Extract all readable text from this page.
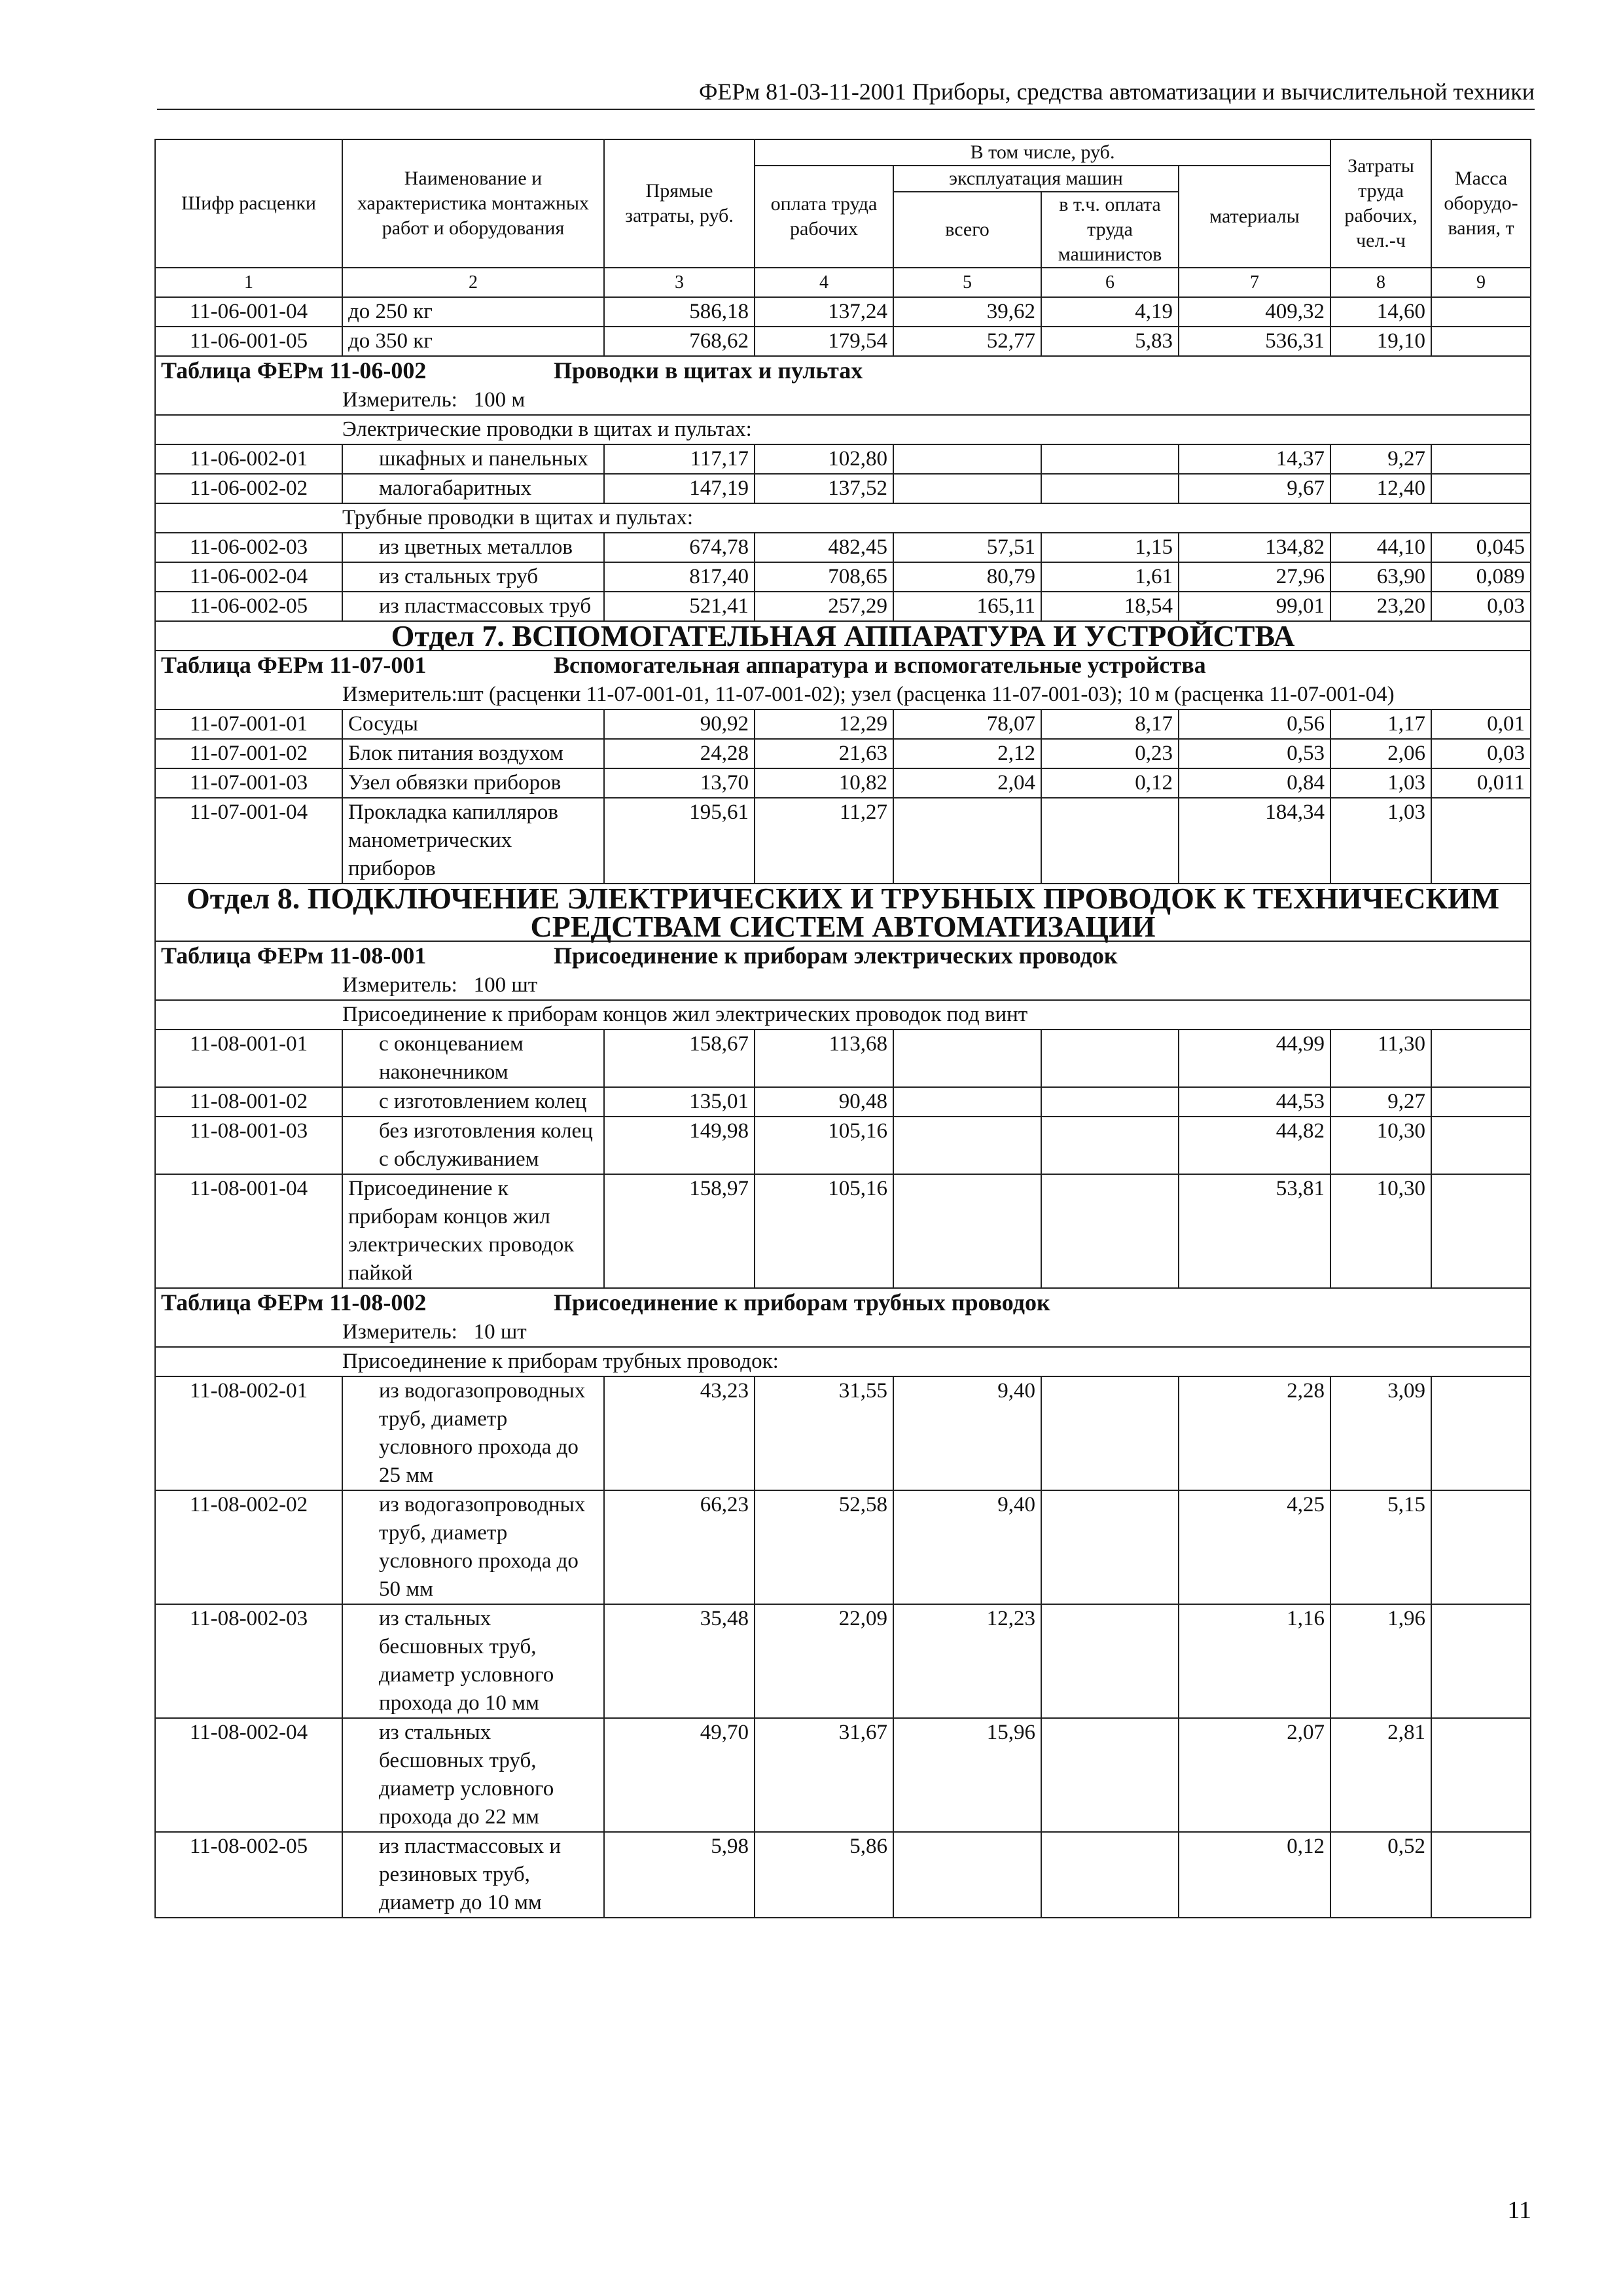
ФЕРм 81-03-11-2001 Приборы, средства автоматизации и вычислительной техники
Шифр расценки	Наименование и характеристика монтажных работ и оборудования	Прямые затраты, руб.	В том числе, руб.				Затраты труда рабочих, чел.-ч	Масса оборудо-вания, т
			оплата труда рабочих	эксплуатация машин		материалы		
				всего	в т.ч. оплата труда машинистов			
1	2	3	4	5	6	7	8	9
11-06-001-04	до 250 кг	586,18	137,24	39,62	4,19	409,32	14,60	
11-06-001-05	до 350 кг	768,62	179,54	52,77	5,83	536,31	19,10	
Таблица ФЕРм 11-06-002 Проводки в щитах и пультах								
Измеритель: 100 м								
Электрические проводки в щитах и пультах:								
11-06-002-01	шкафных и панельных	117,17	102,80			14,37	9,27	
11-06-002-02	малогабаритных	147,19	137,52			9,67	12,40	
Трубные проводки в щитах и пультах:								
11-06-002-03	из цветных металлов	674,78	482,45	57,51	1,15	134,82	44,10	0,045
11-06-002-04	из стальных труб	817,40	708,65	80,79	1,61	27,96	63,90	0,089
11-06-002-05	из пластмассовых труб	521,41	257,29	165,11	18,54	99,01	23,20	0,03
Отдел 7. ВСПОМОГАТЕЛЬНАЯ АППАРАТУРА И УСТРОЙСТВА								
Таблица ФЕРм 11-07-001 Вспомогательная аппаратура и вспомогательные устройства								

Измеритель: шт (расценки 11-07-001-01, 11-07-001-02); узел (расценка 11-07-001-03); 10 м (расценка 11-07-001-04)								

11-07-001-01	Сосуды	90,92	12,29	78,07	8,17	0,56	1,17	0,01
11-07-001-02	Блок питания воздухом	24,28	21,63	2,12	0,23	0,53	2,06	0,03
11-07-001-03	Узел обвязки приборов	13,70	10,82	2,04	0,12	0,84	1,03	0,011
11-07-001-04	Прокладка капилляров манометрических приборов	195,61	11,27			184,34	1,03	
Отдел 8. ПОДКЛЮЧЕНИЕ ЭЛЕКТРИЧЕСКИХ И ТРУБНЫХ ПРОВОДОК К ТЕХНИЧЕСКИМ СРЕДСТВАМ СИСТЕМ АВТОМАТИЗАЦИИ								
Таблица ФЕРм 11-08-001 Присоединение к приборам электрических проводок								
Измеритель: 100 шт								
Присоединение к приборам концов жил электрических проводок под винт								
11-08-001-01	с оконцеванием наконечником	158,67	113,68			44,99	11,30	
11-08-001-02	с изготовлением колец	135,01	90,48			44,53	9,27	
11-08-001-03	без изготовления колец с обслуживанием	149,98	105,16			44,82	10,30	
11-08-001-04	Присоединение к приборам концов жил электрических проводок пайкой	158,97	105,16			53,81	10,30	
Таблица ФЕРм 11-08-002 Присоединение к приборам трубных проводок								
Измеритель: 10 шт								
Присоединение к приборам трубных проводок:								
11-08-002-01	из водогазопроводных труб, диаметр условного прохода до 25 мм	43,23	31,55	9,40		2,28	3,09	
11-08-002-02	из водогазопроводных труб, диаметр условного прохода до 50 мм	66,23	52,58	9,40		4,25	5,15	
11-08-002-03	из стальных бесшовных труб, диаметр условного прохода до 10 мм	35,48	22,09	12,23		1,16	1,96	
11-08-002-04	из стальных бесшовных труб, диаметр условного прохода до 22 мм	49,70	31,67	15,96		2,07	2,81	
11-08-002-05	из пластмассовых и резиновых труб, диаметр до 10 мм	5,98	5,86			0,12	0,52	
11
